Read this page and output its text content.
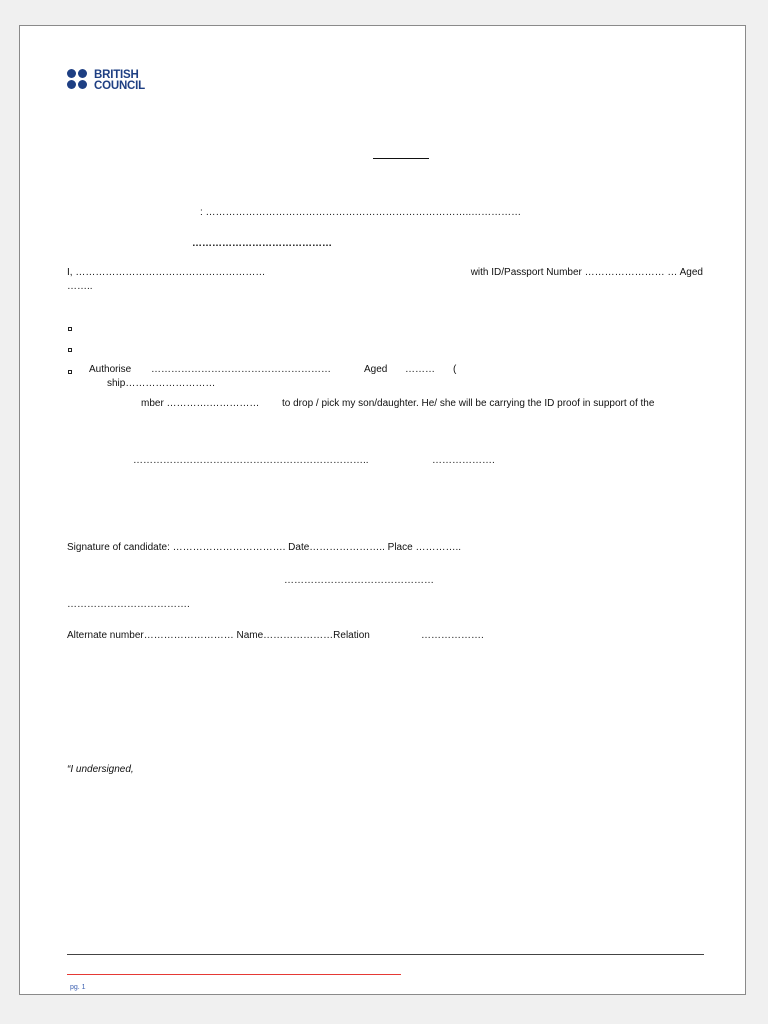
BRITISH
COUNCIL
: ……………………………………………………………………..……………
……………………………………
I, …………………………………………………	with ID/Passport Number …………………… … Aged
……..
Authorise ………………………………………………	Aged ……… (
ship………………………
mber ………….…………… to drop / pick my son/daughter. He/ she will be carrying the ID proof in support of the
……………………………………………………………..	……………….
Signature of candidate: ……………………………. Date………………….. Place …………..
………………………………………
……………………………….
Alternate number……………………… Name…………………Relation	……………….
“I undersigned,
pg. 1
